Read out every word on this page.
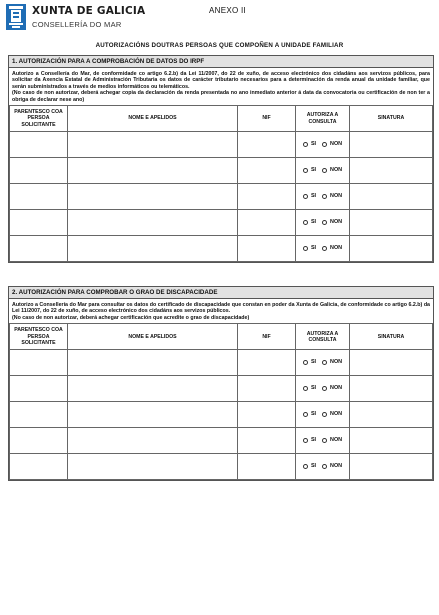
XUNTA DE GALICIA
CONSELLERÍA DO MAR
ANEXO II
AUTORIZACIÓNS DOUTRAS PERSOAS QUE COMPOÑEN A UNIDADE FAMILIAR
1. AUTORIZACIÓN PARA A COMPROBACIÓN DE DATOS DO IRPF
Autorizo a Consellería do Mar, de conformidade co artigo 6.2.b) da Lei 11/2007, do 22 de xuño, de acceso electrónico dos cidadáns aos servizos públicos, para solicitar da Axencia Estatal de Administración Tributaria os datos de carácter tributario necesarios para a determinación da renda anual da unidade familiar, que serán subministrados a través de medios informáticos ou telemáticos.
(No caso de non autorizar, deberá achegar copia da declaración da renda presentada no ano inmediato anterior á data da convocatoria ou certificación de non ter a obriga de declarar nese ano)
PARENTESCO COA PERSOA SOLICITANTE	NOME E APELIDOS	NIF	AUTORIZA A CONSULTA	SINATURA
			SI NON	
			SI NON	
			SI NON	
			SI NON	
			SI NON	
2. AUTORIZACIÓN PARA COMPROBAR O GRAO DE DISCAPACIDADE
Autorizo a Consellería do Mar para consultar os datos do certificado de discapacidade que constan en poder da Xunta de Galicia, de conformidade co artigo 6.2.b) da Lei 11/2007, do 22 de xuño, de acceso electrónico dos cidadáns aos servizos públicos.
(No caso de non autorizar, deberá achegar certificación que acredite o grao de discapacidade)
PARENTESCO COA PERSOA SOLICITANTE	NOME E APELIDOS	NIF	AUTORIZA A CONSULTA	SINATURA
			SI NON	
			SI NON	
			SI NON	
			SI NON	
			SI NON	
